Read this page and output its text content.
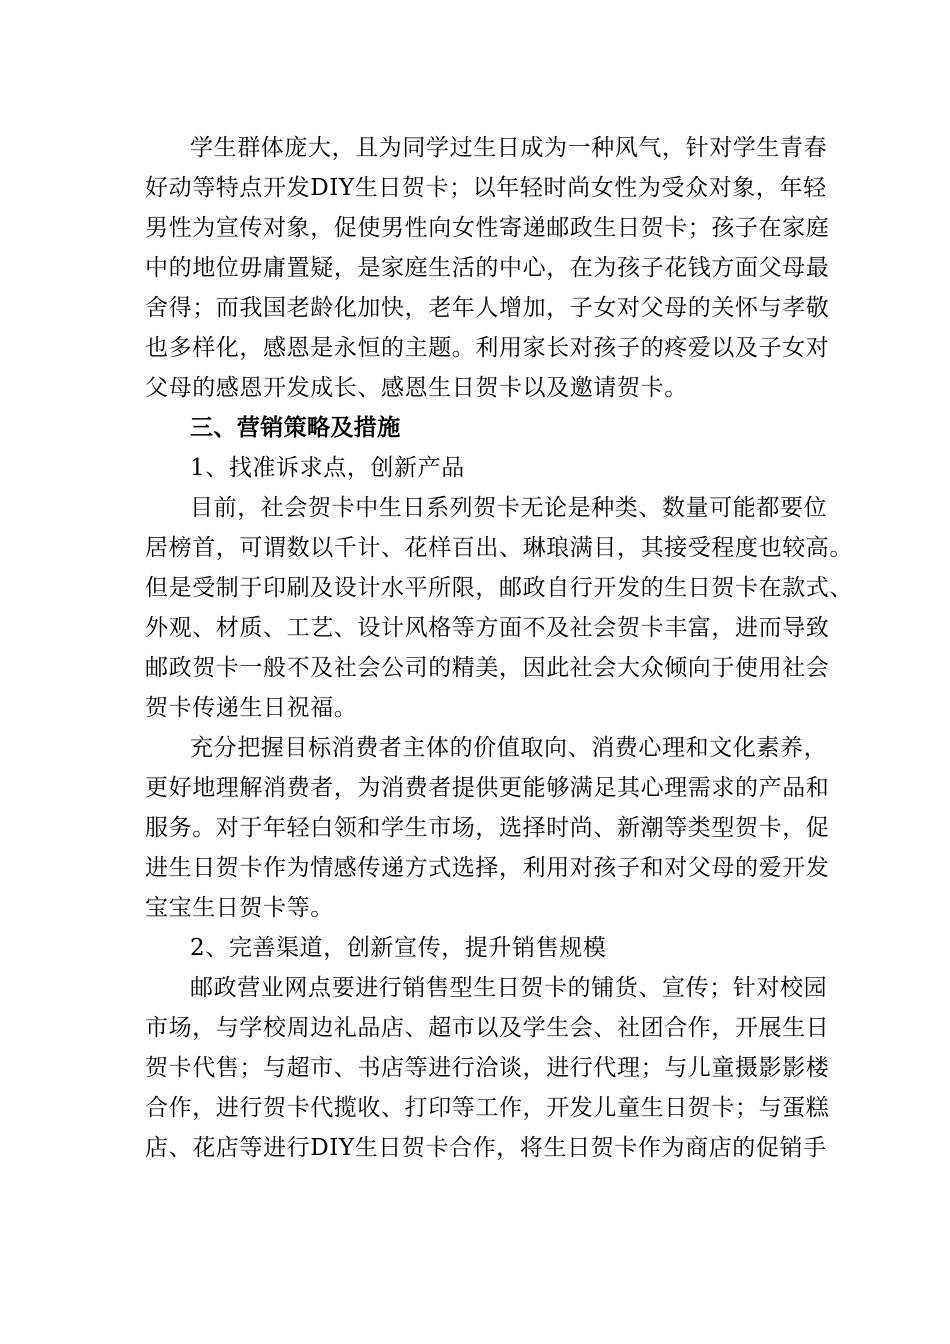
学生群体庞大，且为同学过生日成为一种风气，针对学生青春
好动等特点开发DIY生日贺卡；以年轻时尚女性为受众对象，年轻
男性为宣传对象，促使男性向女性寄递邮政生日贺卡；孩子在家庭
中的地位毋庸置疑，是家庭生活的中心，在为孩子花钱方面父母最
舍得；而我国老龄化加快，老年人增加，子女对父母的关怀与孝敬
也多样化，感恩是永恒的主题。利用家长对孩子的疼爱以及子女对
父母的感恩开发成长、感恩生日贺卡以及邀请贺卡。
三、营销策略及措施
1、找准诉求点，创新产品
目前，社会贺卡中生日系列贺卡无论是种类、数量可能都要位
居榜首，可谓数以千计、花样百出、琳琅满目，其接受程度也较高。
但是受制于印刷及设计水平所限，邮政自行开发的生日贺卡在款式、
外观、材质、工艺、设计风格等方面不及社会贺卡丰富，进而导致
邮政贺卡一般不及社会公司的精美，因此社会大众倾向于使用社会
贺卡传递生日祝福。
充分把握目标消费者主体的价值取向、消费心理和文化素养，
更好地理解消费者，为消费者提供更能够满足其心理需求的产品和
服务。对于年轻白领和学生市场，选择时尚、新潮等类型贺卡，促
进生日贺卡作为情感传递方式选择，利用对孩子和对父母的爱开发
宝宝生日贺卡等。
2、完善渠道，创新宣传，提升销售规模
邮政营业网点要进行销售型生日贺卡的铺货、宣传；针对校园
市场，与学校周边礼品店、超市以及学生会、社团合作，开展生日
贺卡代售；与超市、书店等进行洽谈，进行代理；与儿童摄影影楼
合作，进行贺卡代揽收、打印等工作，开发儿童生日贺卡；与蛋糕
店、花店等进行DIY生日贺卡合作，将生日贺卡作为商店的促销手
